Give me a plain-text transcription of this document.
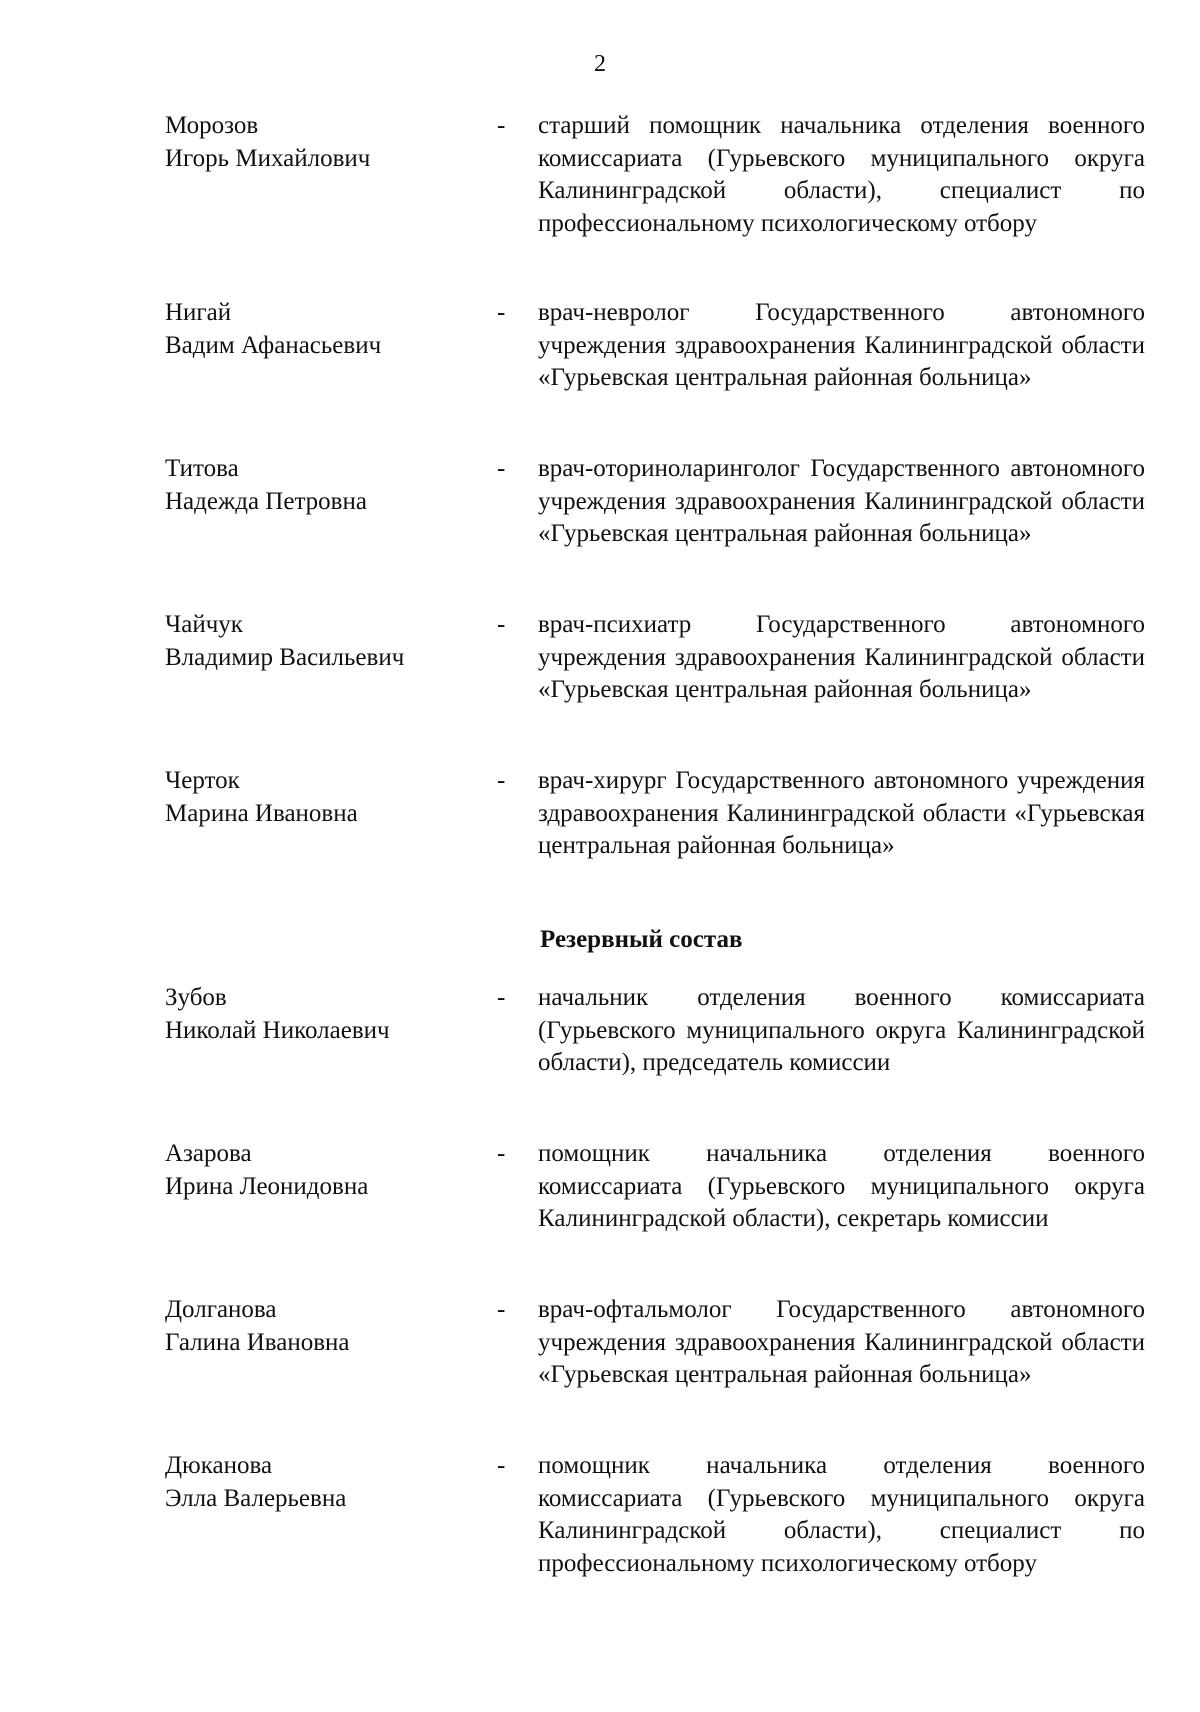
2
Морозов
Игорь Михайлович
- старший помощник начальника отделения военного комиссариата (Гурьевского муниципального округа Калининградской области), специалист по профессиональному психологическому отбору
Нигай
Вадим Афанасьевич
- врач-невролог Государственного автономного учреждения здравоохранения Калининградской области «Гурьевская центральная районная больница»
Титова
Надежда Петровна
- врач-оториноларинголог Государственного автономного учреждения здравоохранения Калининградской области «Гурьевская центральная районная больница»
Чайчук
Владимир Васильевич
- врач-психиатр Государственного автономного учреждения здравоохранения Калининградской области «Гурьевская центральная районная больница»
Черток
Марина Ивановна
- врач-хирург Государственного автономного учреждения здравоохранения Калининградской области «Гурьевская центральная районная больница»
Резервный состав
Зубов
Николай Николаевич
- начальник отделения военного комиссариата (Гурьевского муниципального округа Калининградской области), председатель комиссии
Азарова
Ирина Леонидовна
- помощник начальника отделения военного комиссариата (Гурьевского муниципального округа Калининградской области), секретарь комиссии
Долганова
Галина Ивановна
- врач-офтальмолог Государственного автономного учреждения здравоохранения Калининградской области «Гурьевская центральная районная больница»
Дюканова
Элла Валерьевна
- помощник начальника отделения военного комиссариата (Гурьевского муниципального округа Калининградской области), специалист по профессиональному психологическому отбору
